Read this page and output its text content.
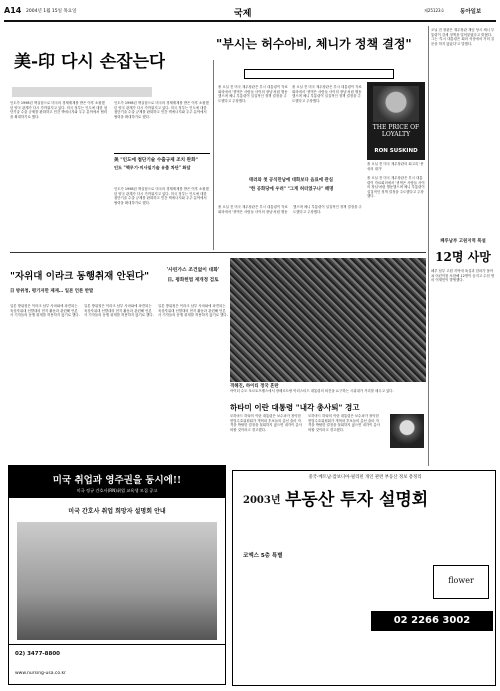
A14 2004년 1월 15일 목요일	국제	제25123호	동아일보
美-印 다시 손잡는다
인도가 1998년 핵실험으로 미국의 경제제재를 받은 이후 소원했던 양국 관계가 다시 가까워지고 있다. 미국 정부는 인도에 대한 첨단기술 수출 규제를 완화하고 민간 핵에너지와 우주 분야에서 협력을 확대하기로 했다.
인도가 1998년 핵실험으로 미국의 경제제재를 받은 이후 소원했던 양국 관계가 다시 가까워지고 있다. 미국 정부는 인도에 대한 첨단기술 수출 규제를 완화하고 민간 핵에너지와 우주 분야에서 협력을 확대하기로 했다.
美 "인도에 첨단기술 수출규제 조치 완화"
인도 "핵무기·미사일기술 유출 차단" 화답
인도가 1998년 핵실험으로 미국의 경제제재를 받은 이후 소원했던 양국 관계가 다시 가까워지고 있다. 미국 정부는 인도에 대한 첨단기술 수출 규제를 완화하고 민간 핵에너지와 우주 분야에서 협력을 확대하기로 했다.
"부시는 허수아비, 체니가 정책 결정"
폴 오닐 전 미국 재무장관은 부시 대통령이 각료회의에서 '귀먹은 사람들 사이의 장님'처럼 행동했으며 체니 부통령이 실질적인 정책 결정을 주도했다고 주장했다.
폴 오닐 전 미국 재무장관은 부시 대통령이 각료회의에서 '귀먹은 사람들 사이의 장님'처럼 행동했으며 체니 부통령이 실질적인 정책 결정을 주도했다고 주장했다.
테러와 첫 공식만남에 대화보다 음료에 관심
"한 공화당에 우려" "그게 허터였구나" 해명
폴 오닐 전 미국 재무장관은 부시 대통령이 각료회의에서 '귀먹은 사람들 사이의 장님'처럼 행동했으며 체니 부통령이 실질적인 정책 결정을 주도했다고 주장했다.
THE PRICE OF LOYALTY
RON SUSKIND
폴 오닐 전 미국 재무장관의 회고록 '충성의 대가'
폴 오닐 전 미국 재무장관은 부시 대통령이 각료회의에서 '귀먹은 사람들 사이의 장님'처럼 행동했으며 체니 부통령이 실질적인 정책 결정을 주도했다고 주장했다.
오닐 전 장관은 재무장관 재임 당시 체니 부통령이 감세 정책을 밀어붙였다고 밝혔다. 그는 '부시 대통령은 회의 석상에서 거의 질문을 하지 않았다'고 말했다.
페루남부 고원지역 폭설
12명 사망
페루 남부 고원 지역에 폭설과 한파가 몰아쳐 어린이를 포함해 12명이 숨지고 수천 명의 이재민이 발생했다.
"자위대 이라크 동행취재 안된다"
日 방위청, 평기자만 제재… 일본 언론 반발
일본 방위청은 이라크 남부 사마와에 파견되는 육상자위대 선발대의 현지 활동과 관련해 언론사 기자들의 동행 취재를 허용하지 않기로 했다.
일본 방위청은 이라크 남부 사마와에 파견되는 육상자위대 선발대의 현지 활동과 관련해 언론사 기자들의 동행 취재를 허용하지 않기로 했다.
'사린가스 조건없이 대화'
日, 평화헌법 재개정 검토
일본 방위청은 이라크 남부 사마와에 파견되는 육상자위대 선발대의 현지 활동과 관련해 언론사 기자들의 동행 취재를 허용하지 않기로 했다.
격해진, 하이티 정국 혼란
아이티 수도 포르토프랭스에서 장베르트랑 아리스티드 대통령의 퇴진을 요구하는 시위대가 거리를 메우고 있다.
하타미 이란 대통령 "내각 총사퇴" 경고
모하마드 하타미 이란 대통령은 보수파가 장악한 헌법수호위원회가 개혁파 후보들의 총선 출마 자격을 박탈한 결정을 철회하지 않으면 내각이 총사퇴할 것이라고 경고했다.
모하마드 하타미 이란 대통령은 보수파가 장악한 헌법수호위원회가 개혁파 후보들의 총선 출마 자격을 박탈한 결정을 철회하지 않으면 내각이 총사퇴할 것이라고 경고했다.
미국 취업과 영주권을 동시에!!
미국 정규 간호사(RN)취업 교육생 모집 공고
미국 간호사 취업 희망자 설명회 안내
02) 3477-8800
www.nursing-usa.co.kr
중국·베트남·캄보디아·필리핀 개인 관련 부동산 정보 총정리
2003년 부동산 투자 설명회
코엑스 5층 특별
flower
02 2266 3002
